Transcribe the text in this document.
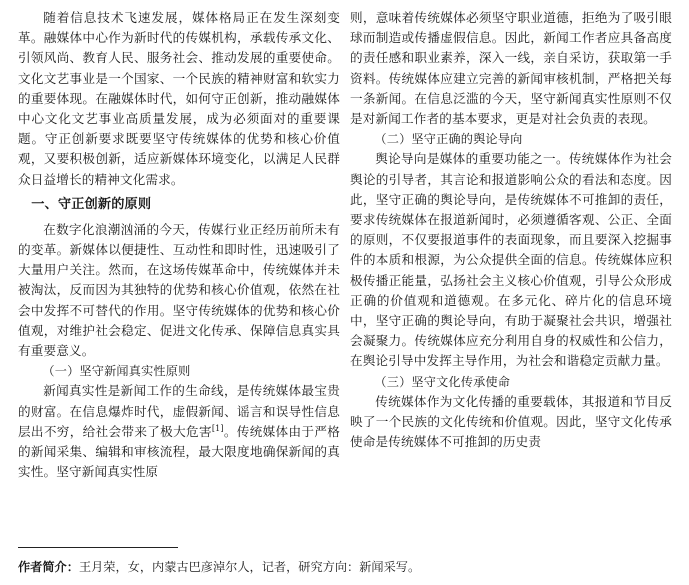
随着信息技术飞速发展，媒体格局正在发生深刻变革。融媒体中心作为新时代的传媒机构，承载传承文化、引领风尚、教育人民、服务社会、推动发展的重要使命。文化文艺事业是一个国家、一个民族的精神财富和软实力的重要体现。在融媒体时代，如何守正创新，推动融媒体中心文化文艺事业高质量发展，成为必须面对的重要课题。守正创新要求既要坚守传统媒体的优势和核心价值观，又要积极创新，适应新媒体环境变化，以满足人民群众日益增长的精神文化需求。

一、守正创新的原则

在数字化浪潮汹涌的今天，传媒行业正经历前所未有的变革。新媒体以便捷性、互动性和即时性，迅速吸引了大量用户关注。然而，在这场传媒革命中，传统媒体并未被淘汰，反而因为其独特的优势和核心价值观，依然在社会中发挥不可替代的作用。坚守传统媒体的优势和核心价值观，对维护社会稳定、促进文化传承、保障信息真实具有重要意义。

（一）坚守新闻真实性原则

新闻真实性是新闻工作的生命线，是传统媒体最宝贵的财富。在信息爆炸时代，虚假新闻、谣言和误导性信息层出不穷，给社会带来了极大危害[1]。传统媒体由于严格的新闻采集、编辑和审核流程，最大限度地确保新闻的真实性。坚守新闻真实性原

则，意味着传统媒体必须坚守职业道德，拒绝为了吸引眼球而制造或传播虚假信息。因此，新闻工作者应具备高度的责任感和职业素养，深入一线，亲自采访，获取第一手资料。传统媒体应建立完善的新闻审核机制，严格把关每一条新闻。在信息泛滥的今天，坚守新闻真实性原则不仅是对新闻工作者的基本要求，更是对社会负责的表现。

（二）坚守正确的舆论导向

舆论导向是媒体的重要功能之一。传统媒体作为社会舆论的引导者，其言论和报道影响公众的看法和态度。因此，坚守正确的舆论导向，是传统媒体不可推卸的责任，要求传统媒体在报道新闻时，必须遵循客观、公正、全面的原则，不仅要报道事件的表面现象，而且要深入挖掘事件的本质和根源，为公众提供全面的信息。传统媒体应积极传播正能量，弘扬社会主义核心价值观，引导公众形成正确的价值观和道德观。在多元化、碎片化的信息环境中，坚守正确的舆论导向，有助于凝聚社会共识，增强社会凝聚力。传统媒体应充分利用自身的权威性和公信力，在舆论引导中发挥主导作用，为社会和谐稳定贡献力量。

（三）坚守文化传承使命

传统媒体作为文化传播的重要载体，其报道和节目反映了一个民族的文化传统和价值观。因此，坚守文化传承使命是传统媒体不可推卸的历史责

作者简介：王月荣，女，内蒙古巴彦淖尔人，记者，研究方向：新闻采写。
